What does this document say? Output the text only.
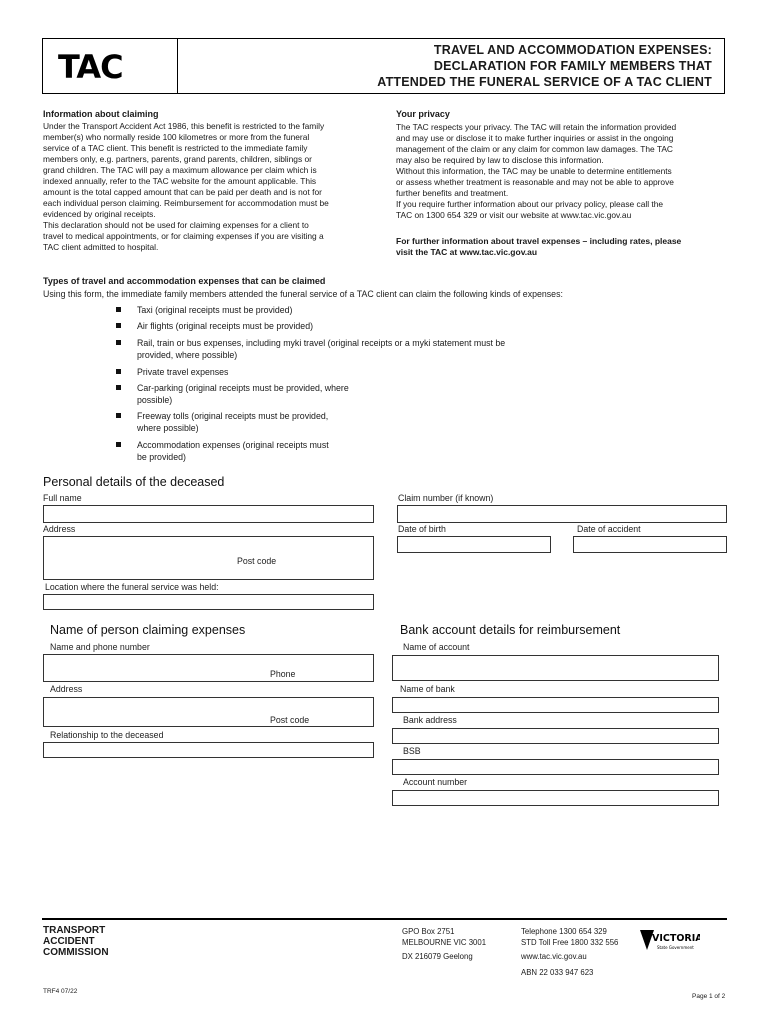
TAC	TRAVEL AND ACCOMMODATION EXPENSES:
DECLARATION FOR FAMILY MEMBERS THAT
ATTENDED THE FUNERAL SERVICE OF A TAC CLIENT
Information about claiming
Under the Transport Accident Act 1986, this benefit is restricted to the family
member(s) who normally reside 100 kilometres or more from the funeral
service of a TAC client. This benefit is restricted to the immediate family
members only, e.g. partners, parents, grand parents, children, siblings or
grand children. The TAC will pay a maximum allowance per claim which is
indexed annually, refer to the TAC website for the amount applicable. This
amount is the total capped amount that can be paid per death and is not for
each individual person claiming. Reimbursement for accommodation must be
evidenced by original receipts.
This declaration should not be used for claiming expenses for a client to
travel to medical appointments, or for claiming expenses if you are visiting a
TAC client admitted to hospital.
Your privacy
The TAC respects your privacy. The TAC will retain the information provided
and may use or disclose it to make further inquiries or assist in the ongoing
management of the claim or any claim for common law damages. The TAC
may also be required by law to disclose this information.
Without this information, the TAC may be unable to determine entitlements
or assess whether treatment is reasonable and may not be able to approve
further benefits and treatment.
If you require further information about our privacy policy, please call the
TAC on 1300 654 329 or visit our website at www.tac.vic.gov.au
For further information about travel expenses – including rates, please
visit the TAC at www.tac.vic.gov.au
Types of travel and accommodation expenses that can be claimed
Using this form, the immediate family members attended the funeral service of a TAC client can claim the following kinds of expenses:
Taxi (original receipts must be provided)
Air flights (original receipts must be provided)
Rail, train or bus expenses, including myki travel (original receipts or a myki statement must be
provided, where possible)
Private travel expenses
Car-parking (original receipts must be provided, where
possible)
Freeway tolls (original receipts must be provided,
where possible)
Accommodation expenses (original receipts must
be provided)
Personal details of the deceased
Full name	Claim number (if known)
Address
Post code
Date of birth	Date of accident
Location where the funeral service was held:
Name of person claiming expenses
Name and phone number
Phone
Address
Post code
Relationship to the deceased
Bank account details for reimbursement
Name of account
Name of bank
Bank address
BSB
Account number
TRANSPORT
ACCIDENT
COMMISSION
GPO Box 2751
MELBOURNE VIC 3001
DX 216079 Geelong
Telephone 1300 654 329
STD Toll Free 1800 332 556
www.tac.vic.gov.au
ABN 22 033 947 623
VICTORIA
State Government
TRF4 07/22
Page 1 of 2
